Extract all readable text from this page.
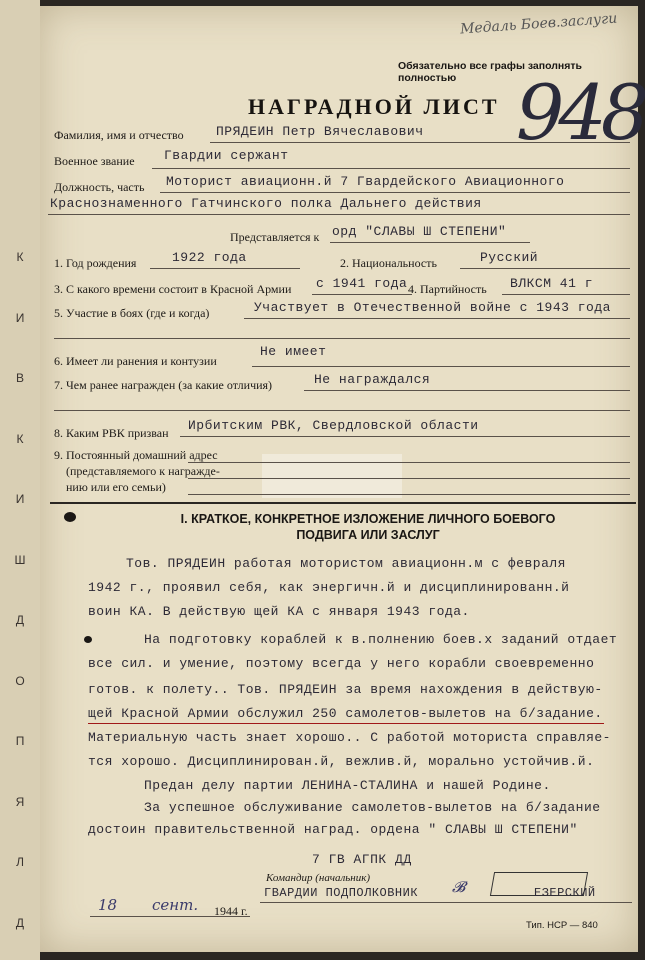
К
И
В
К
И
Ш
Д
О
П
Я
Л
Д
Медаль Боев.заслуги
Обязательно все графы заполнять полностью
НАГРАДНОЙ ЛИСТ 948
Фамилия, имя и отчество ПРЯДЕИН Петр Вячеславович
Военное звание Гвардии сержант
Должность, часть Моторист авиационн.й 7 Гвардейского Авиационного
Краснознаменного Гатчинского полка Дальнего действия
Представляется к орд "СЛАВЫ Ш СТЕПЕНИ"
1. Год рождения	1922 года	2. Национальность	Русский
3. С какого времени состоит в Красной Армии с 1941 года 4. Партийность ВЛКСМ 41 г
5. Участие в боях (где и когда)	Участвует в Отечественной войне с 1943 года
6. Имеет ли ранения и контузии
Не имеет
7. Чем ранее награжден (за какие отличия)	Не награждался
8. Каким РВК призван Ирбитским РВК, Свердловской области
9. Постоянный домашний адрес
(представляемого к награжде-
нию или его семьи)
I. КРАТКОЕ, КОНКРЕТНОЕ ИЗЛОЖЕНИЕ ЛИЧНОГО БОЕВОГО
ПОДВИГА ИЛИ ЗАСЛУГ
Тов. ПРЯДЕИН работая мотористом авиационн.м с февраля
1942 г., проявил себя, как энергичн.й и дисциплинированн.й
воин КА. В действую щей КА с января 1943 года.
На подготовку кораблей к в.полнению боев.х заданий отдает
все сил. и умение, поэтому всегда у него корабли своевременно
готов. к полету.. Тов. ПРЯДЕИН за время нахождения в действую-
щей Красной Армии обслужил 250 самолетов-вылетов на б/задание.
Материальную часть знает хорошо.. С работой моториста справляе-
тся хорошо. Дисциплинирован.й, вежлив.й, морально устойчив.й.
Предан делу партии ЛЕНИНА-СТАЛИНА и нашей Родине.
За успешное обслуживание самолетов-вылетов на б/задание
достоин правительственной наград. ордена " СЛАВЫ Ш СТЕПЕНИ"
7 ГВ АГПК ДД
Командир (начальник)
ГВАРДИИ ПОДПОЛКОВНИК 𝓑	ЕЗЕРСКИЙ
18 сент. 1944 г.
Тип. НСР — 840
